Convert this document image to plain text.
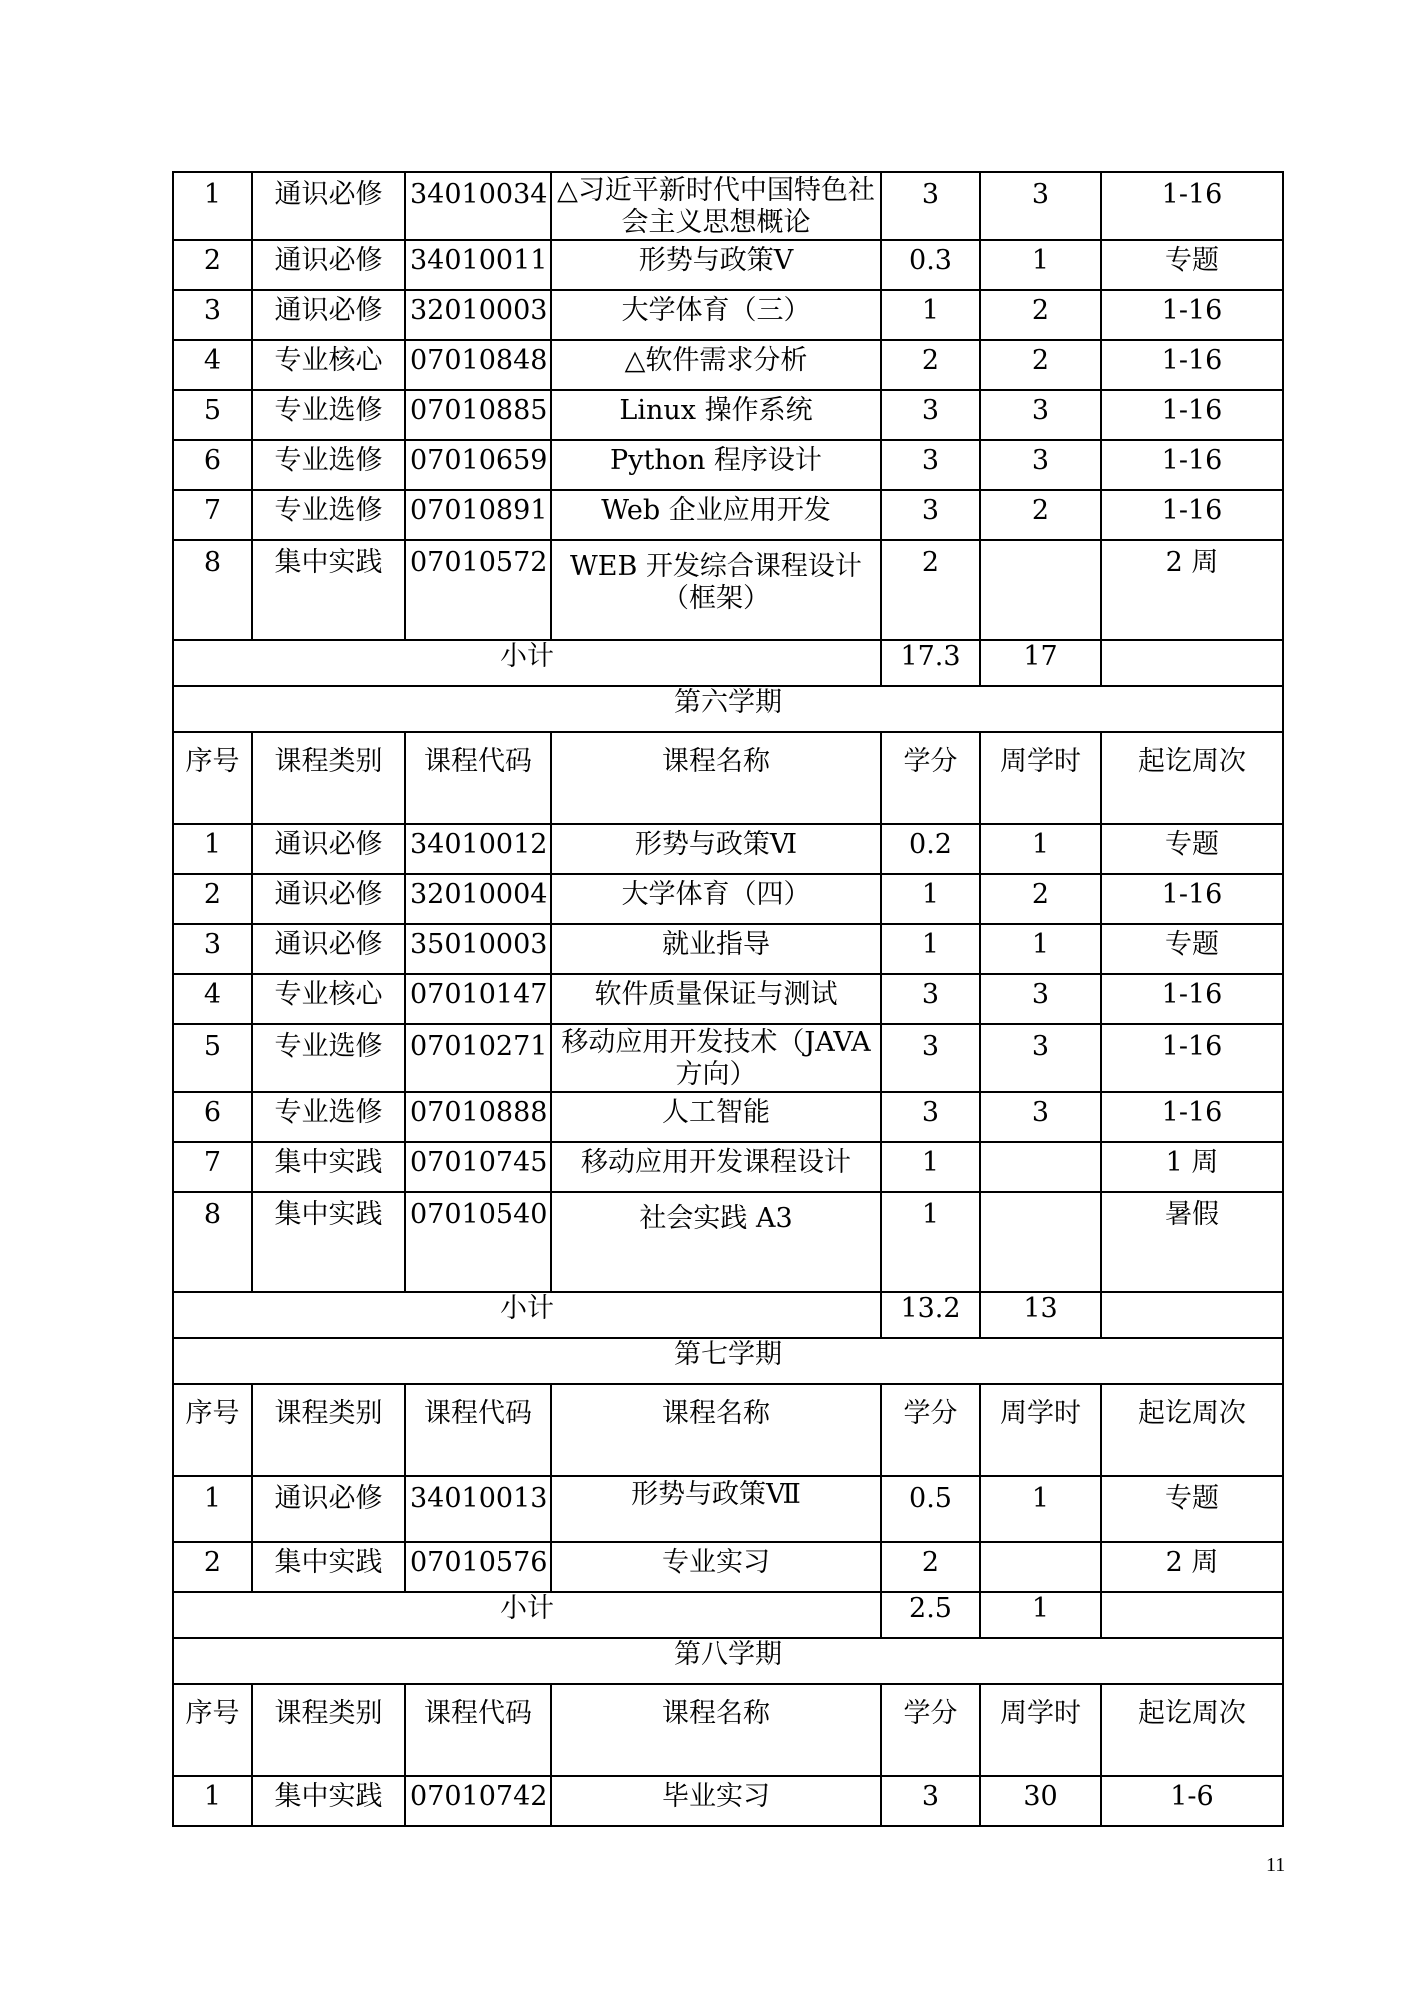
1	通识必修	34010034	△习近平新时代中国特色社会主义思想概论	3	3	1-16
2	通识必修	34010011	形势与政策Ⅴ	0.3	1	专题
3	通识必修	32010003	大学体育（三）	1	2	1-16
4	专业核心	07010848	△软件需求分析	2	2	1-16
5	专业选修	07010885	Linux 操作系统	3	3	1-16
6	专业选修	07010659	Python 程序设计	3	3	1-16
7	专业选修	07010891	Web 企业应用开发	3	2	1-16
8	集中实践	07010572	WEB 开发综合课程设计（框架）	2		2 周
小计				17.3	17	
第六学期						
序号	课程类别	课程代码	课程名称	学分	周学时	起讫周次
1	通识必修	34010012	形势与政策Ⅵ	0.2	1	专题
2	通识必修	32010004	大学体育（四）	1	2	1-16
3	通识必修	35010003	就业指导	1	1	专题
4	专业核心	07010147	软件质量保证与测试	3	3	1-16
5	专业选修	07010271	移动应用开发技术（JAVA方向）	3	3	1-16
6	专业选修	07010888	人工智能	3	3	1-16
7	集中实践	07010745	移动应用开发课程设计	1		1 周
8	集中实践	07010540	社会实践 A3	1		暑假
小计				13.2	13	
第七学期						
序号	课程类别	课程代码	课程名称	学分	周学时	起讫周次
1	通识必修	34010013	形势与政策Ⅶ	0.5	1	专题
2	集中实践	07010576	专业实习	2		2 周
小计				2.5	1	
第八学期						
序号	课程类别	课程代码	课程名称	学分	周学时	起讫周次
1	集中实践	07010742	毕业实习	3	30	1-6
11
